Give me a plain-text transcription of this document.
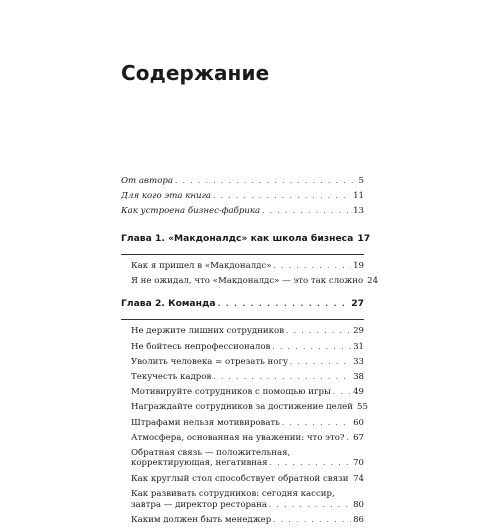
Содержание
От автора . . .	5
Для кого эта книга . . .	11
Как устроена бизнес-фабрика . . .	13
Глава 1. «Макдоналдс» как школа бизнеса 17
Как я пришел в «Макдоналдс» . . .	19
Я не ожидал, что «Макдоналдс» — это так сложно 24
Глава 2. Команда . . .	27
Не держите лишних сотрудников . . .	29
Не бойтесь непрофессионалов . . .	31
Уволить человека = отрезать ногу . . .	33
Текучесть кадров . . .	38
Мотивируйте сотрудников с помощью игры . . .	49
Награждайте сотрудников за достижение целей 55
Штрафами нельзя мотивировать . . .	60
Атмосфера, основанная на уважении: что это? . . . 67
Обратная связь — положительная,
корректирующая, негативная . . .	70
Как круглый стол способствует обратной связи . . . 74
Как развивать сотрудников: сегодня кассир,
завтра — директор ресторана . . .	80
Каким должен быть менеджер . . .	86
